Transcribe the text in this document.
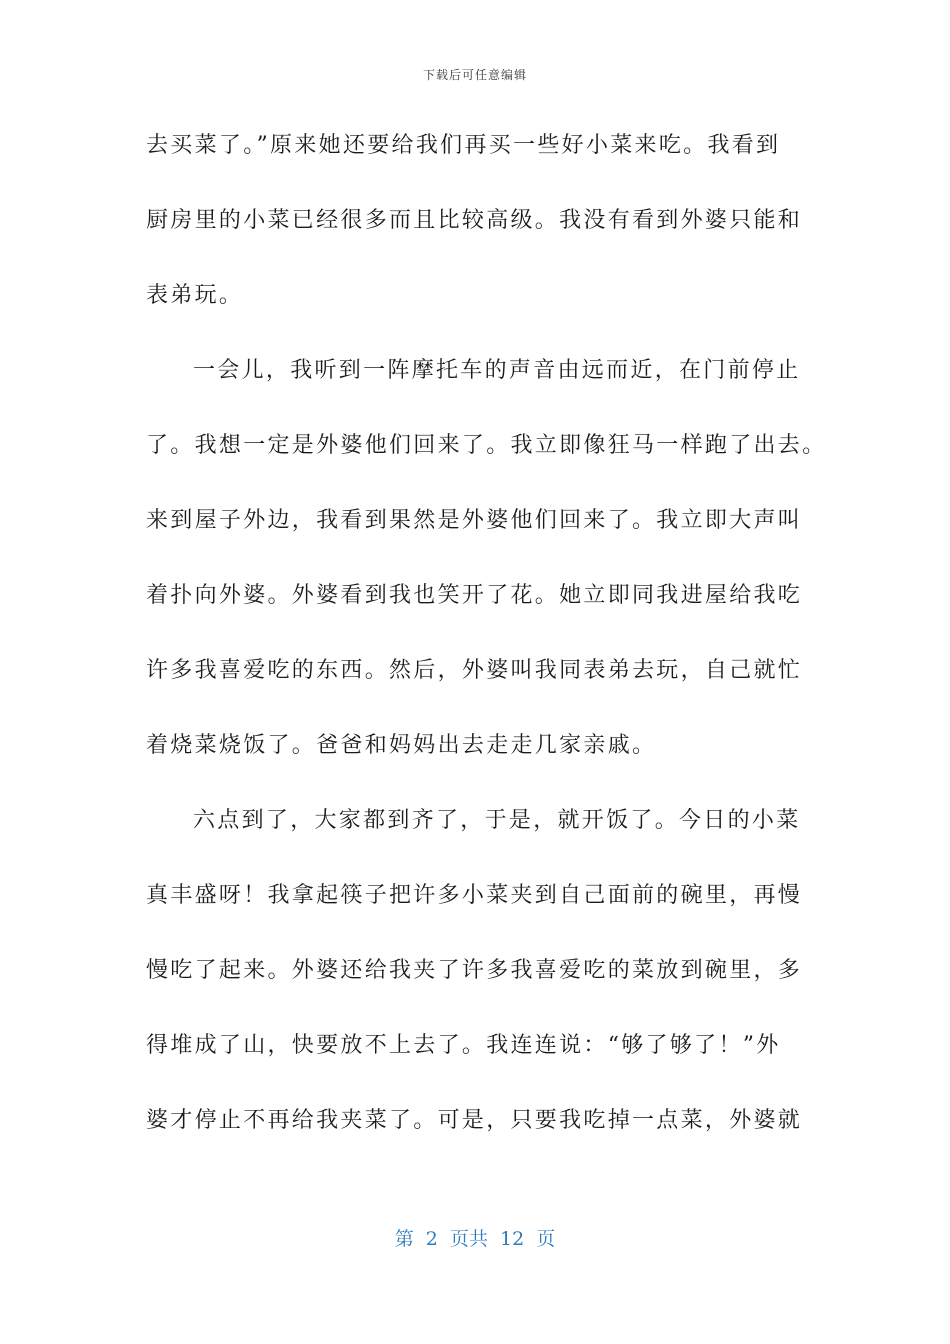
下载后可任意编辑
去买菜了。”原来她还要给我们再买一些好小菜来吃。我看到
厨房里的小菜已经很多而且比较高级。我没有看到外婆只能和
表弟玩。
一会儿，我听到一阵摩托车的声音由远而近，在门前停止
了。我想一定是外婆他们回来了。我立即像狂马一样跑了出去。
来到屋子外边，我看到果然是外婆他们回来了。我立即大声叫
着扑向外婆。外婆看到我也笑开了花。她立即同我进屋给我吃
许多我喜爱吃的东西。然后，外婆叫我同表弟去玩，自己就忙
着烧菜烧饭了。爸爸和妈妈出去走走几家亲戚。
六点到了，大家都到齐了，于是，就开饭了。今日的小菜
真丰盛呀！我拿起筷子把许多小菜夹到自己面前的碗里，再慢
慢吃了起来。外婆还给我夹了许多我喜爱吃的菜放到碗里，多
得堆成了山，快要放不上去了。我连连说：“够了够了！”外
婆才停止不再给我夹菜了。可是，只要我吃掉一点菜，外婆就
第  2  页共  12  页
